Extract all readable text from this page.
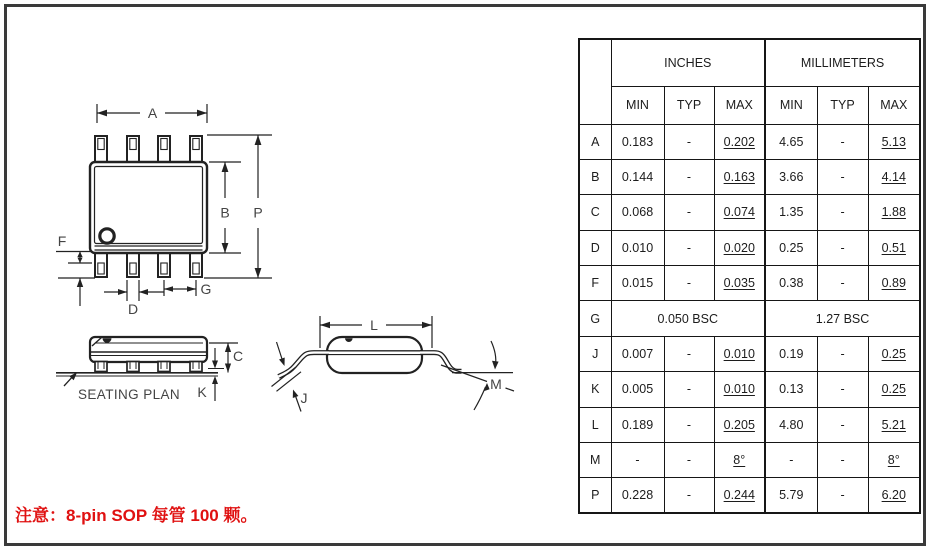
A
B P
F
D
G
SEATING PLAN
C
K
L
J
M
	INCHES			MILLIMETERS		
	MIN	TYP	MAX	MIN	TYP	MAX
A	0.183	-	0.202	4.65	-	5.13
B	0.144	-	0.163	3.66	-	4.14
C	0.068	-	0.074	1.35	-	1.88
D	0.010	-	0.020	0.25	-	0.51
F	0.015	-	0.035	0.38	-	0.89
G	0.050 BSC			1.27 BSC		
J	0.007	-	0.010	0.19	-	0.25
K	0.005	-	0.010	0.13	-	0.25
L	0.189	-	0.205	4.80	-	5.21
M	-	-	8°	-	-	8°
P	0.228	-	0.244	5.79	-	6.20
注意：8-pin SOP 每管 100 颗。
